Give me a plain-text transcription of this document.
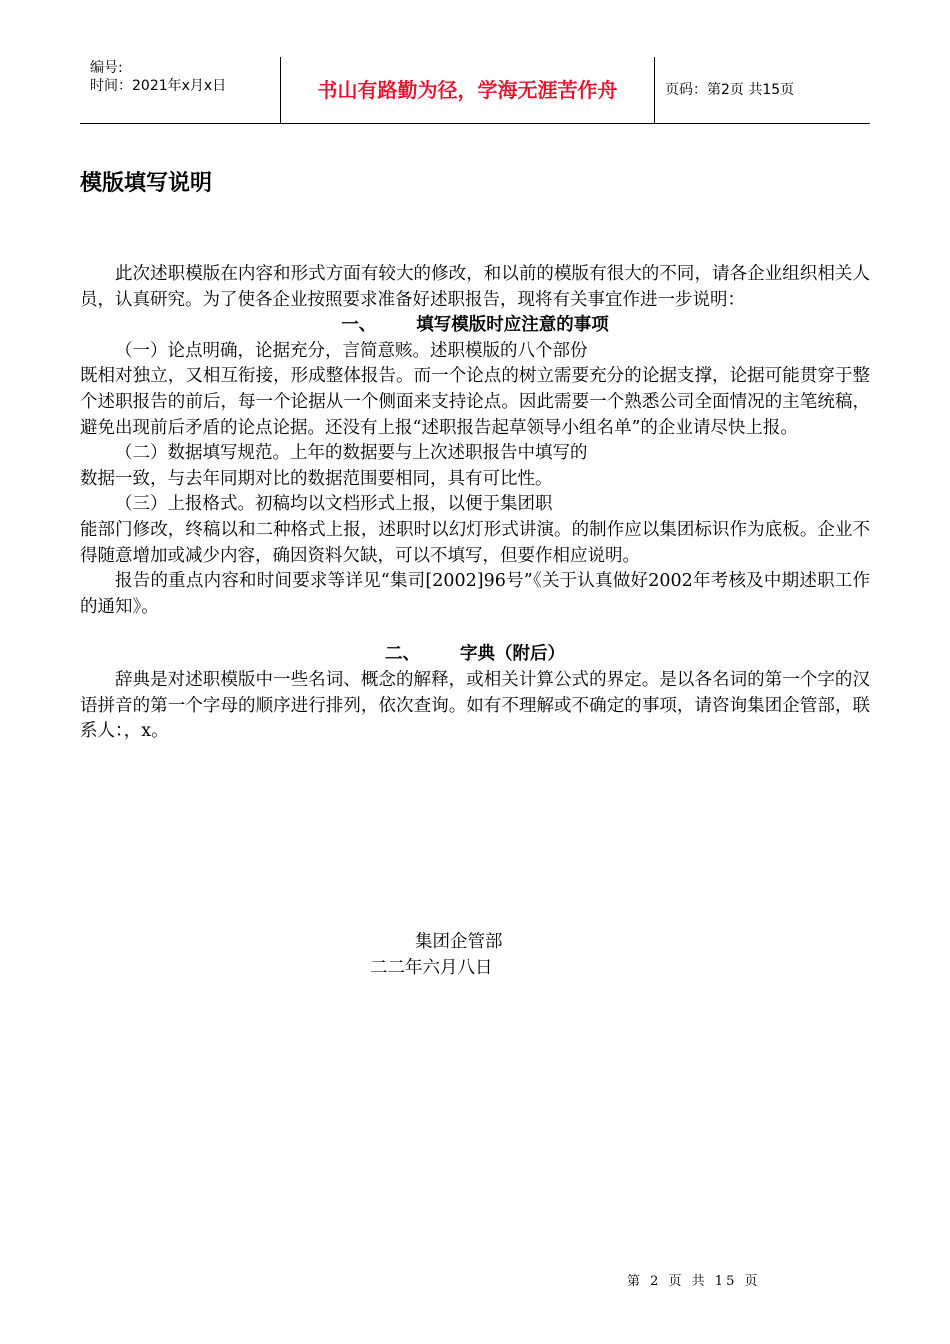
编号:
时间：2021年x月x日	书山有路勤为径，学海无涯苦作舟	页码：第2页 共15页
模版填写说明

此次述职模版在内容和形式方面有较大的修改，和以前的模版有很大的不同，请各企业组织相关人员，认真研究。为了使各企业按照要求准备好述职报告，现将有关事宜作进一步说明：

一、 填写模版时应注意的事项

（一）论点明确，论据充分，言简意赅。述职模版的八个部份

既相对独立，又相互衔接，形成整体报告。而一个论点的树立需要充分的论据支撑，论据可能贯穿于整个述职报告的前后，每一个论据从一个侧面来支持论点。因此需要一个熟悉公司全面情况的主笔统稿，避免出现前后矛盾的论点论据。还没有上报“述职报告起草领导小组名单”的企业请尽快上报。

（二）数据填写规范。上年的数据要与上次述职报告中填写的

数据一致，与去年同期对比的数据范围要相同，具有可比性。

（三）上报格式。初稿均以文档形式上报，以便于集团职

能部门修改，终稿以和二种格式上报，述职时以幻灯形式讲演。的制作应以集团标识作为底板。企业不得随意增加或减少内容，确因资料欠缺，可以不填写，但要作相应说明。

报告的重点内容和时间要求等详见“集司[2002]96号”《关于认真做好2002年考核及中期述职工作的通知》。

二、 字典（附后）

辞典是对述职模版中一些名词、概念的解释，或相关计算公式的界定。是以各名词的第一个字的汉语拼音的第一个字母的顺序进行排列，依次查询。如有不理解或不确定的事项，请咨询集团企管部，联系人：，x。

集团企管部
二二年六月八日
第 2 页 共 15 页
